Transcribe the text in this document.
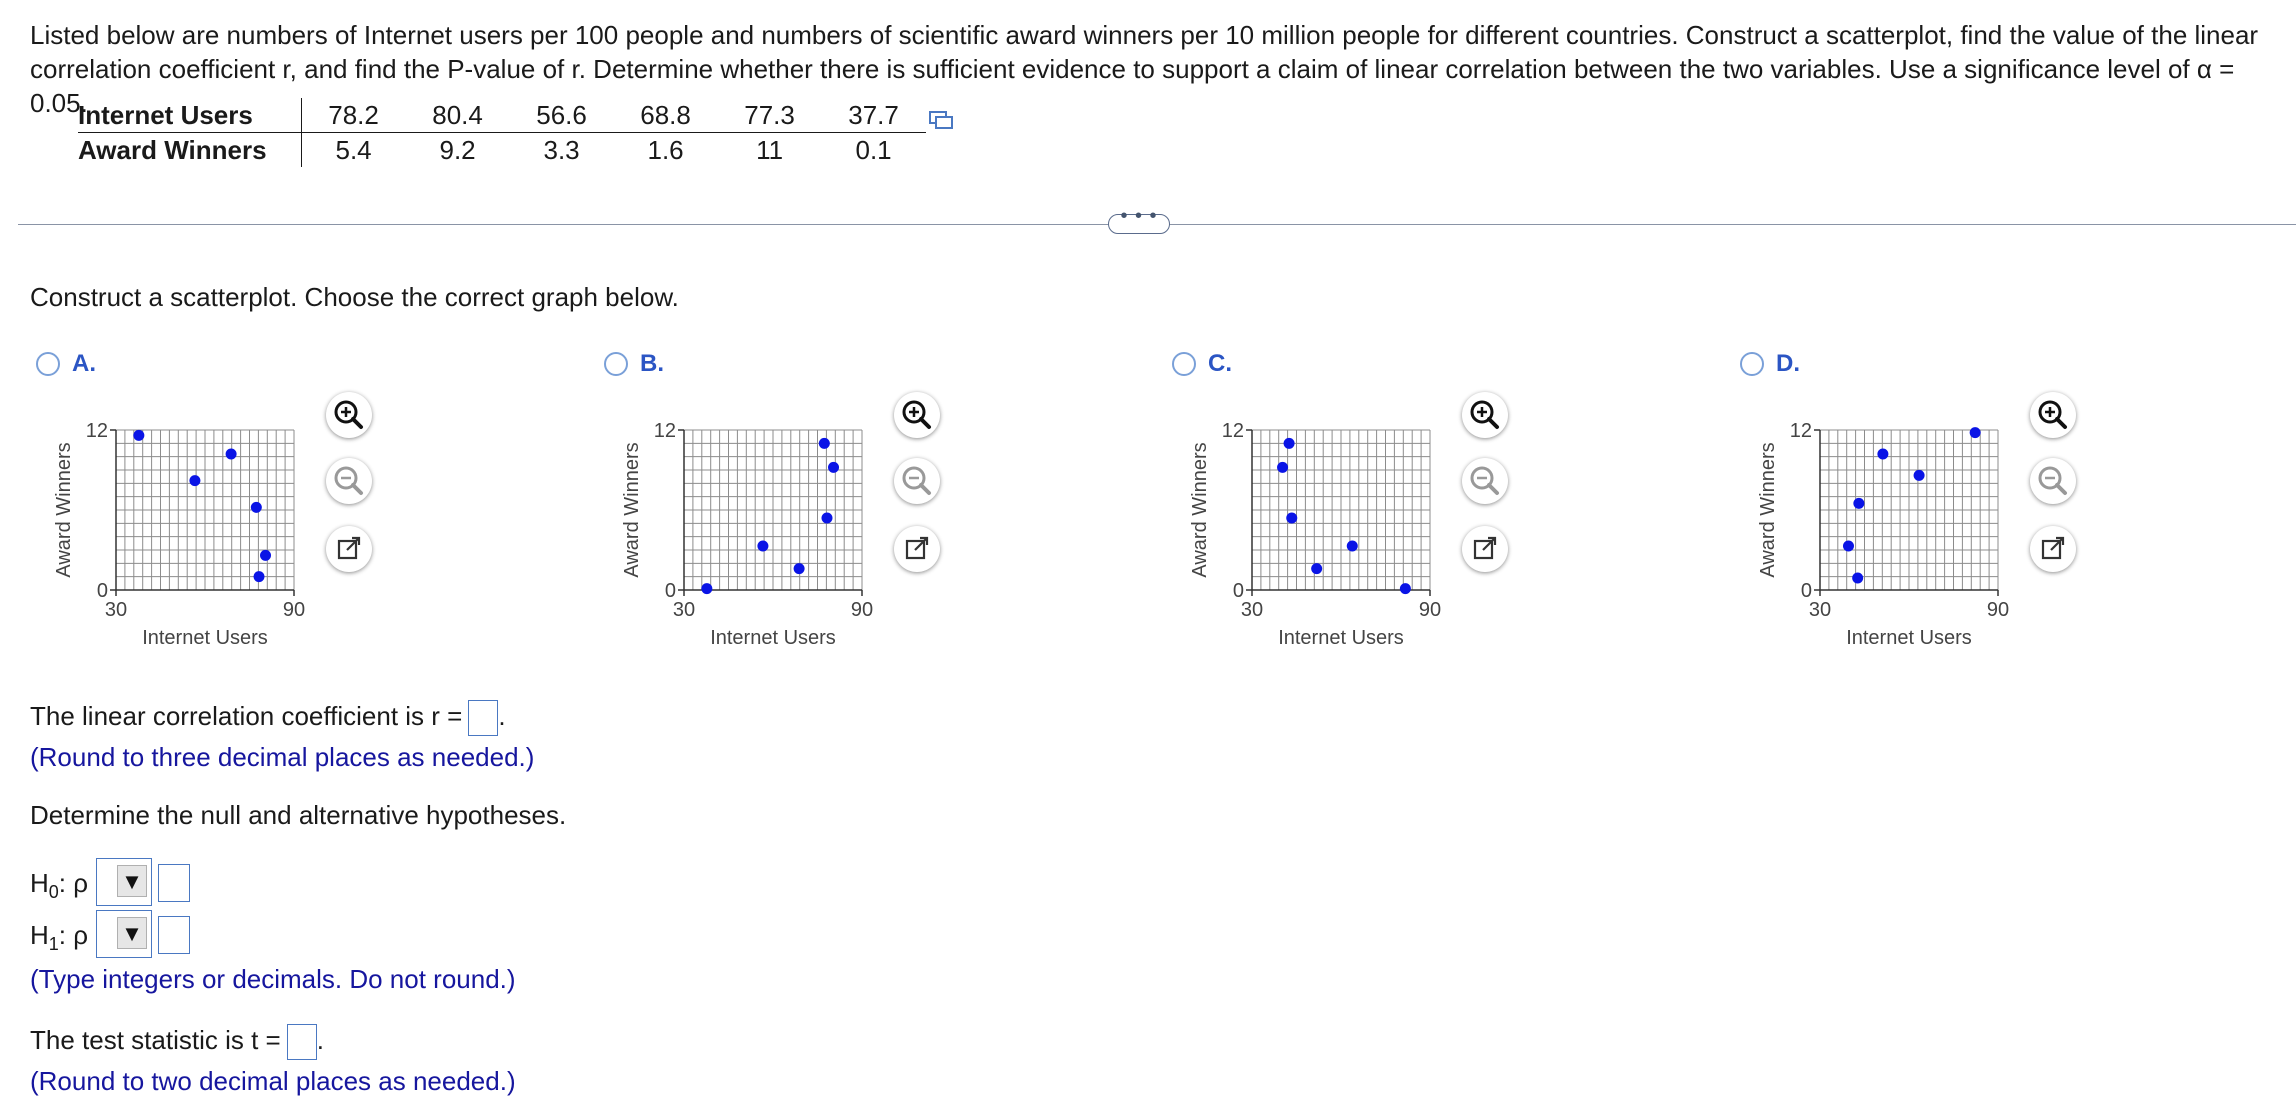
Listed below are numbers of Internet users per 100 people and numbers of scientific award winners per 10 million people for different countries. Construct a scatterplot, find the value of the linear correlation coefficient r, and find the P-value of r. Determine whether there is sufficient evidence to support a claim of linear correlation between the two variables. Use a significance level of α = 0.05.
Internet Users	78.2	80.4	56.6	68.8	77.3	37.7
Award Winners	5.4	9.2	3.3	1.6	11	0.1
• • •
Construct a scatterplot. Choose the correct graph below.
A.	B.	C.	D.
12
0
30	90
Internet Users
Award Winners
12
0
30	90
Internet Users
Award Winners
12
0
30	90
Internet Users
Award Winners
12
0
30	90
Internet Users
Award Winners
The linear correlation coefficient is r = .
(Round to three decimal places as needed.)
Determine the null and alternative hypotheses.
$H_0$: ρ ▼
$H_1$: ρ ▼
(Type integers or decimals. Do not round.)
The test statistic is t = .
(Round to two decimal places as needed.)
